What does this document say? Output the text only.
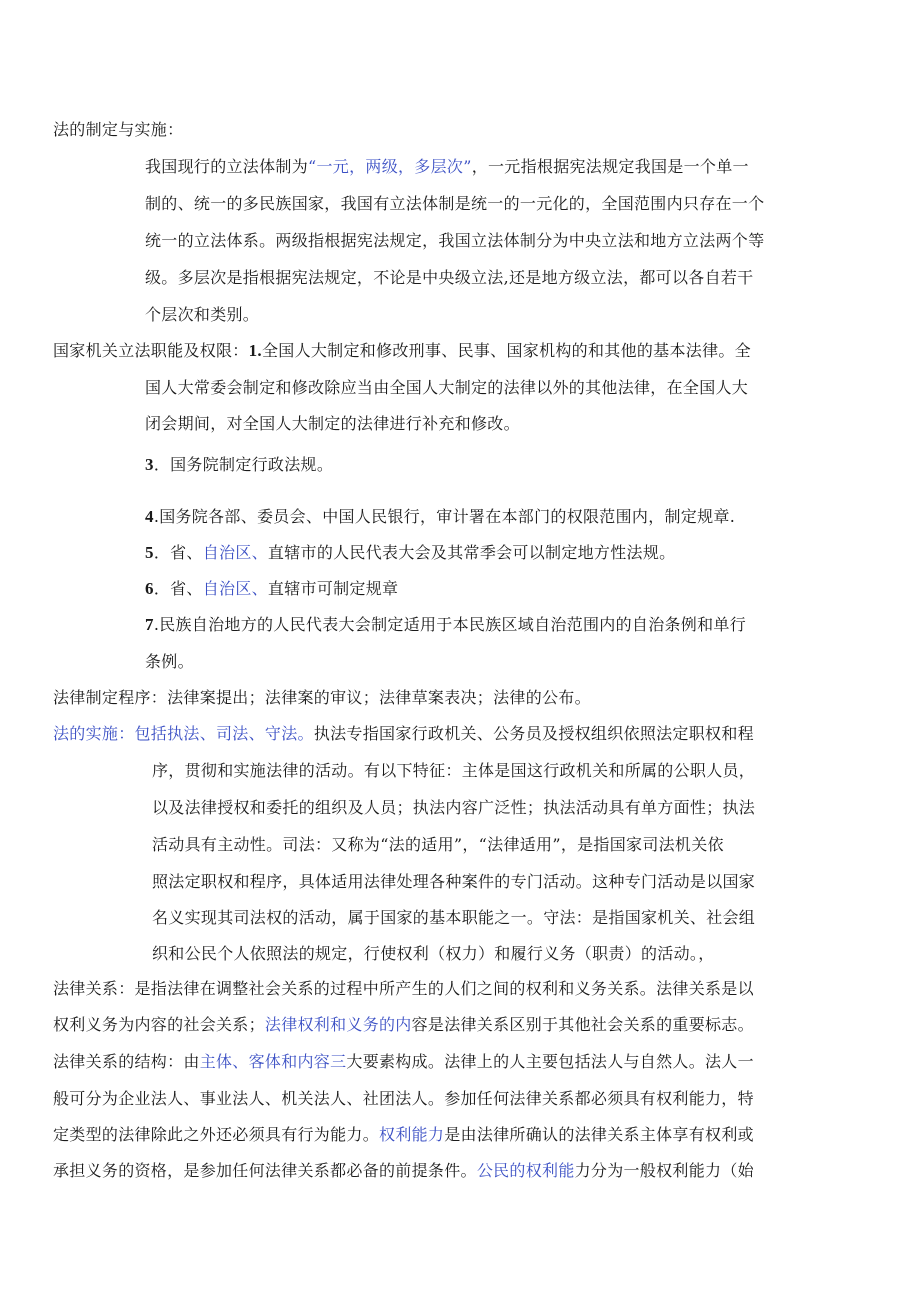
法的制定与实施：
我国现行的立法体制为“一元，两级，多层次”，一元指根据宪法规定我国是一个单一
制的、统一的多民族国家，我国有立法体制是统一的一元化的，全国范围内只存在一个
统一的立法体系。两级指根据宪法规定，我国立法体制分为中央立法和地方立法两个等
级。多层次是指根据宪法规定，不论是中央级立法,还是地方级立法，都可以各自若干
个层次和类别。
国家机关立法职能及权限：1.全国人大制定和修改刑事、民事、国家机构的和其他的基本法律。全
国人大常委会制定和修改除应当由全国人大制定的法律以外的其他法律，在全国人大
闭会期间，对全国人大制定的法律进行补充和修改。
3．国务院制定行政法规。
4.国务院各部、委员会、中国人民银行，审计署在本部门的权限范围内，制定规章.
5．省、自治区、直辖市的人民代表大会及其常季会可以制定地方性法规。
6．省、自治区、直辖市可制定规章
7.民族自治地方的人民代表大会制定适用于本民族区域自治范围内的自治条例和单行
条例。
法律制定程序：法律案提出；法律案的审议；法律草案表决；法律的公布。
法的实施：包括执法、司法、守法。执法专指国家行政机关、公务员及授权组织依照法定职权和程
序，贯彻和实施法律的活动。有以下特征：主体是国这行政机关和所属的公职人员，
以及法律授权和委托的组织及人员；执法内容广泛性；执法活动具有单方面性；执法
活动具有主动性。司法：又称为“法的适用”，“法律适用”，是指国家司法机关依
照法定职权和程序，具体适用法律处理各种案件的专门活动。这种专门活动是以国家
名义实现其司法权的活动，属于国家的基本职能之一。守法：是指国家机关、社会组
织和公民个人依照法的规定，行使权利（权力）和履行义务（职责）的活动。，
法律关系：是指法律在调整社会关系的过程中所产生的人们之间的权利和义务关系。法律关系是以
权利义务为内容的社会关系；法律权利和义务的内容是法律关系区别于其他社会关系的重要标志。
法律关系的结构：由主体、客体和内容三大要素构成。法律上的人主要包括法人与自然人。法人一
般可分为企业法人、事业法人、机关法人、社团法人。参加任何法律关系都必须具有权利能力，特
定类型的法律除此之外还必须具有行为能力。权利能力是由法律所确认的法律关系主体享有权利或
承担义务的资格，是参加任何法律关系都必备的前提条件。公民的权利能力分为一般权利能力（始
